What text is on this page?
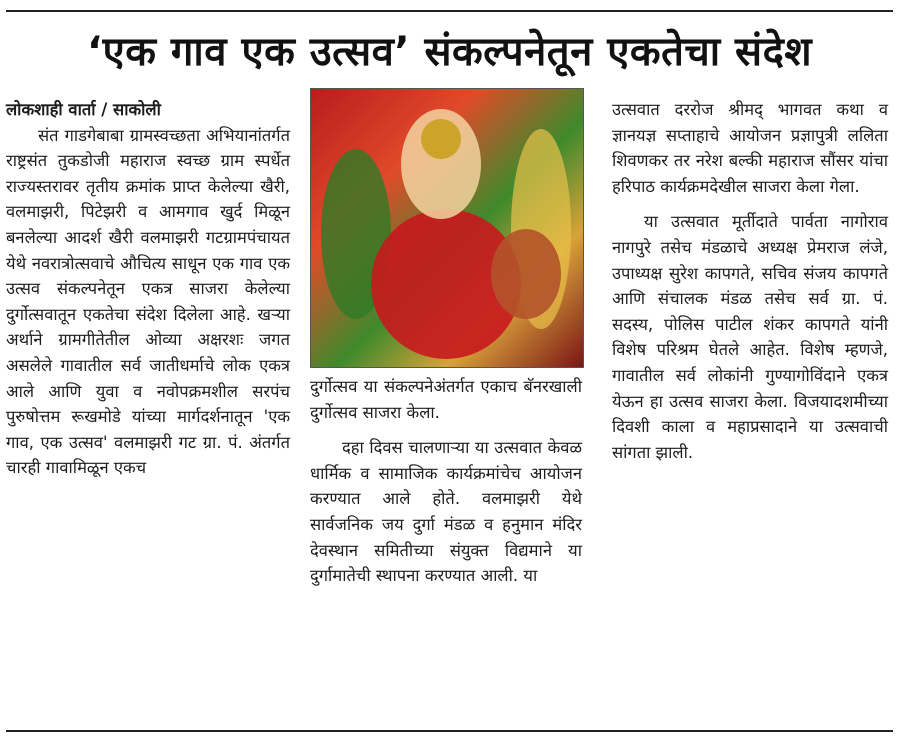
‘एक गाव एक उत्सव’ संकल्पनेतून एकतेचा संदेश
लोकशाही वार्ता / साकोली

संत गाडगेबाबा ग्रामस्वच्छता अभियानांतर्गत राष्ट्रसंत तुकडोजी महाराज स्वच्छ ग्राम स्पर्धेत राज्यस्तरावर तृतीय क्रमांक प्राप्त केलेल्या खैरी, वलमाझरी, पिटेझरी व आमगाव खुर्द मिळून बनलेल्या आदर्श खैरी वलमाझरी गटग्रामपंचायत येथे नवरात्रोत्सवाचे औचित्य साधून एक गाव एक उत्सव संकल्पनेतून एकत्र साजरा केलेल्या दुर्गोत्सवातून एकतेचा संदेश दिलेला आहे. खऱ्या अर्थाने ग्रामगीतेतील ओव्या अक्षरशः जगत असलेले गावातील सर्व जातीधर्माचे लोक एकत्र आले आणि युवा व नवोपक्रमशील सरपंच पुरुषोत्तम रूखमोडे यांच्या मार्गदर्शनातून 'एक गाव, एक उत्सव' वलमाझरी गट ग्रा. पं. अंतर्गत चारही गावामिळून एकच

दुर्गोत्सव या संकल्पनेअंतर्गत एकाच बॅनरखाली दुर्गोत्सव साजरा केला.

दहा दिवस चालणाऱ्या या उत्सवात केवळ धार्मिक व सामाजिक कार्यक्रमांचेच आयोजन करण्यात आले होते. वलमाझरी येथे सार्वजनिक जय दुर्गा मंडळ व हनुमान मंदिर देवस्थान समितीच्या संयुक्त विद्यमाने या दुर्गामातेची स्थापना करण्यात आली. या

उत्सवात दररोज श्रीमद् भागवत कथा व ज्ञानयज्ञ सप्ताहाचे आयोजन प्रज्ञापुत्री ललिता शिवणकर तर नरेश बल्की महाराज सौंसर यांचा हरिपाठ कार्यक्रमदेखील साजरा केला गेला.

या उत्सवात मूर्तीदाते पार्वता नागोराव नागपुरे तसेच मंडळाचे अध्यक्ष प्रेमराज लंजे, उपाध्यक्ष सुरेश कापगते, सचिव संजय कापगते आणि संचालक मंडळ तसेच सर्व ग्रा. पं. सदस्य, पोलिस पाटील शंकर कापगते यांनी विशेष परिश्रम घेतले आहेत. विशेष म्हणजे, गावातील सर्व लोकांनी गुण्यागोविंदाने एकत्र येऊन हा उत्सव साजरा केला. विजयादशमीच्या दिवशी काला व महाप्रसादाने या उत्सवाची सांगता झाली.
